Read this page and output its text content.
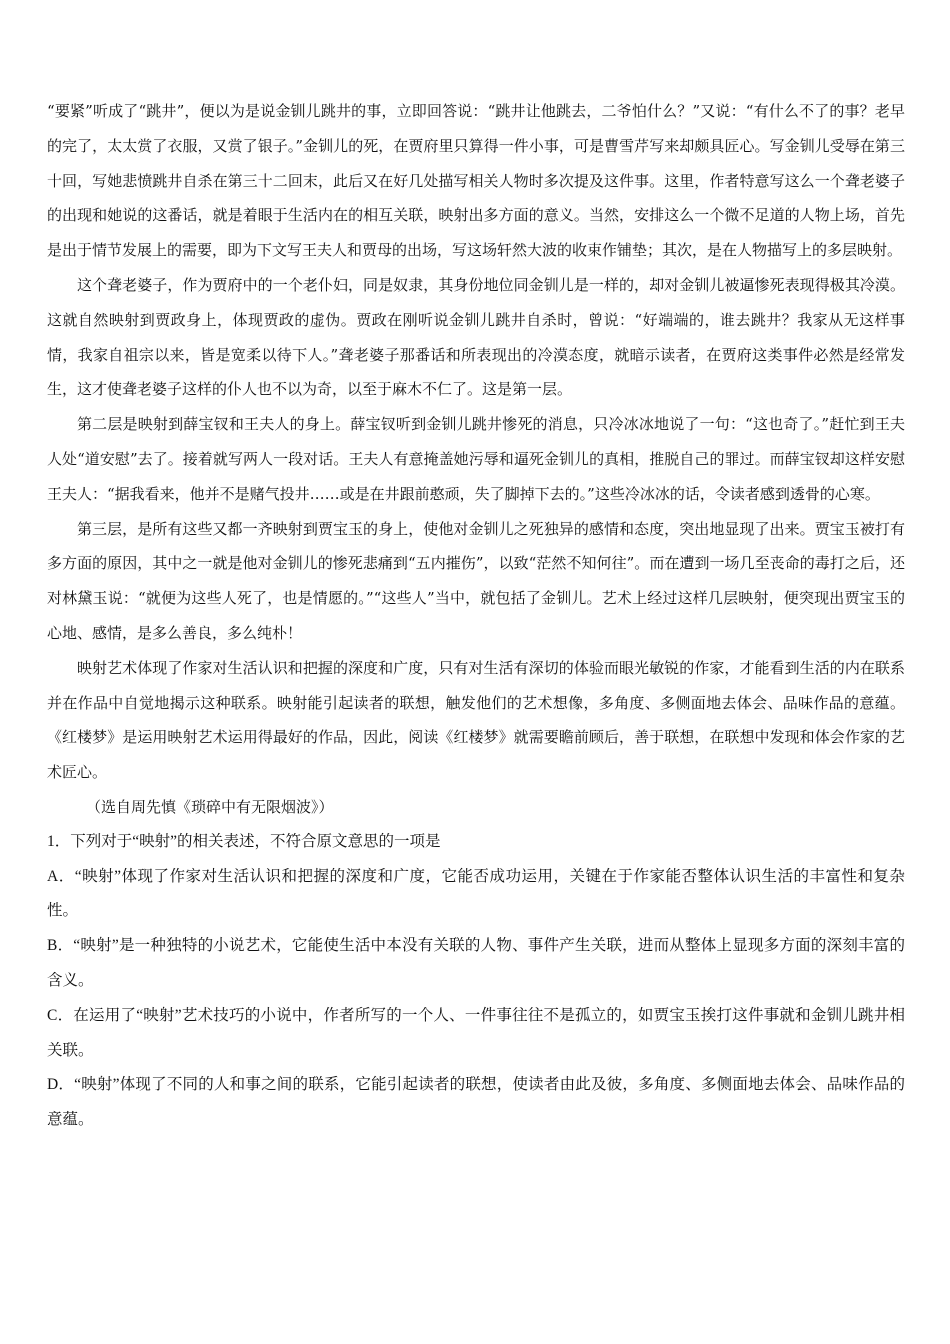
“要紧”听成了“跳井”，便以为是说金钏儿跳井的事，立即回答说：“跳井让他跳去，二爷怕什么？”又说：“有什么不了的事？老早的完了，太太赏了衣服，又赏了银子。”金钏儿的死，在贾府里只算得一件小事，可是曹雪芹写来却颇具匠心。写金钏儿受辱在第三十回，写她悲愤跳井自杀在第三十二回末，此后又在好几处描写相关人物时多次提及这件事。这里，作者特意写这么一个聋老婆子的出现和她说的这番话，就是着眼于生活内在的相互关联，映射出多方面的意义。当然，安排这么一个微不足道的人物上场，首先是出于情节发展上的需要，即为下文写王夫人和贾母的出场，写这场轩然大波的收束作铺垫；其次，是在人物描写上的多层映射。

这个聋老婆子，作为贾府中的一个老仆妇，同是奴隶，其身份地位同金钏儿是一样的，却对金钏儿被逼惨死表现得极其冷漠。这就自然映射到贾政身上，体现贾政的虚伪。贾政在刚听说金钏儿跳井自杀时，曾说：“好端端的，谁去跳井？我家从无这样事情，我家自祖宗以来，皆是宽柔以待下人。”聋老婆子那番话和所表现出的冷漠态度，就暗示读者，在贾府这类事件必然是经常发生，这才使聋老婆子这样的仆人也不以为奇，以至于麻木不仁了。这是第一层。

第二层是映射到薛宝钗和王夫人的身上。薛宝钗听到金钏儿跳井惨死的消息，只冷冰冰地说了一句：“这也奇了。”赶忙到王夫人处“道安慰”去了。接着就写两人一段对话。王夫人有意掩盖她污辱和逼死金钏儿的真相，推脱自己的罪过。而薛宝钗却这样安慰王夫人：“据我看来，他并不是赌气投井……或是在井跟前憨顽，失了脚掉下去的。”这些冷冰冰的话，令读者感到透骨的心寒。

第三层，是所有这些又都一齐映射到贾宝玉的身上，使他对金钏儿之死独异的感情和态度，突出地显现了出来。贾宝玉被打有多方面的原因，其中之一就是他对金钏儿的惨死悲痛到“五内摧伤”，以致“茫然不知何往”。而在遭到一场几至丧命的毒打之后，还对林黛玉说：“就便为这些人死了，也是情愿的。”“这些人”当中，就包括了金钏儿。艺术上经过这样几层映射，便突现出贾宝玉的心地、感情，是多么善良，多么纯朴！

映射艺术体现了作家对生活认识和把握的深度和广度，只有对生活有深切的体验而眼光敏锐的作家，才能看到生活的内在联系并在作品中自觉地揭示这种联系。映射能引起读者的联想，触发他们的艺术想像，多角度、多侧面地去体会、品味作品的意蕴。《红楼梦》是运用映射艺术运用得最好的作品，因此，阅读《红楼梦》就需要瞻前顾后，善于联想，在联想中发现和体会作家的艺术匠心。

（选自周先慎《琐碎中有无限烟波》）

1．下列对于“映射”的相关表述，不符合原文意思的一项是

A．“映射”体现了作家对生活认识和把握的深度和广度，它能否成功运用，关键在于作家能否整体认识生活的丰富性和复杂性。

B．“映射”是一种独特的小说艺术，它能使生活中本没有关联的人物、事件产生关联，进而从整体上显现多方面的深刻丰富的含义。

C．在运用了“映射”艺术技巧的小说中，作者所写的一个人、一件事往往不是孤立的，如贾宝玉挨打这件事就和金钏儿跳井相关联。

D．“映射”体现了不同的人和事之间的联系，它能引起读者的联想，使读者由此及彼，多角度、多侧面地去体会、品味作品的意蕴。
